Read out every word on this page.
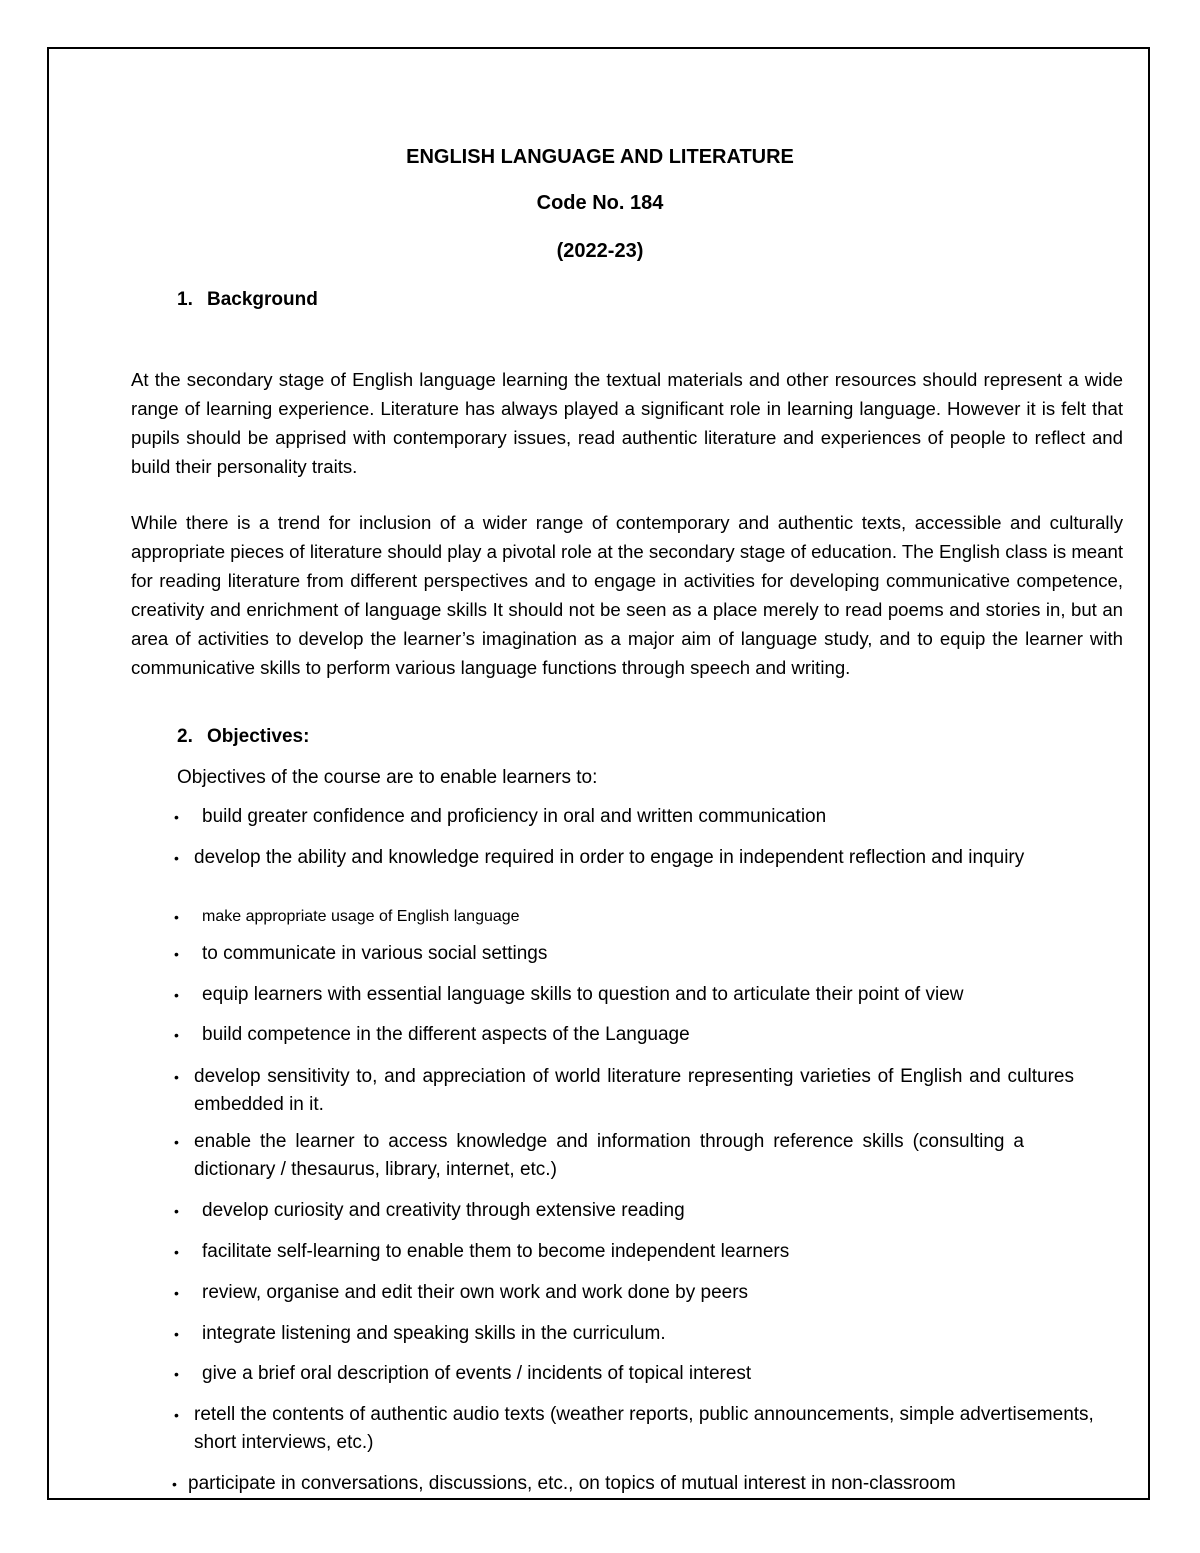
ENGLISH LANGUAGE AND LITERATURE
Code No. 184
(2022-23)
1. Background

At the secondary stage of English language learning the textual materials and other resources should represent a wide range of learning experience. Literature has always played a significant role in learning language. However it is felt that pupils should be apprised with contemporary issues, read authentic literature and experiences of people to reflect and build their personality traits.

While there is a trend for inclusion of a wider range of contemporary and authentic texts, accessible and culturally appropriate pieces of literature should play a pivotal role at the secondary stage of education. The English class is meant for reading literature from different perspectives and to engage in activities for developing communicative competence, creativity and enrichment of language skills It should not be seen as a place merely to read poems and stories in, but an area of activities to develop the learner’s imagination as a major aim of language study, and to equip the learner with communicative skills to perform various language functions through speech and writing.

2. Objectives:
Objectives of the course are to enable learners to:
•	build greater confidence and proficiency in oral and written communication
• develop the ability and knowledge required in order to engage in independent reflection and inquiry
•	make appropriate usage of English language
•	to communicate in various social settings
•	equip learners with essential language skills to question and to articulate their point of view
•	build competence in the different aspects of the Language
• develop sensitivity to, and appreciation of world literature representing varieties of English and cultures embedded in it.
• enable the learner to access knowledge and information through reference skills (consulting a dictionary / thesaurus, library, internet, etc.)
•	develop curiosity and creativity through extensive reading
•	facilitate self-learning to enable them to become independent learners
•	review, organise and edit their own work and work done by peers
•	integrate listening and speaking skills in the curriculum.
•	give a brief oral description of events / incidents of topical interest
• retell the contents of authentic audio texts (weather reports, public announcements, simple advertisements, short interviews, etc.)
• participate in conversations, discussions, etc., on topics of mutual interest in non-classroom
